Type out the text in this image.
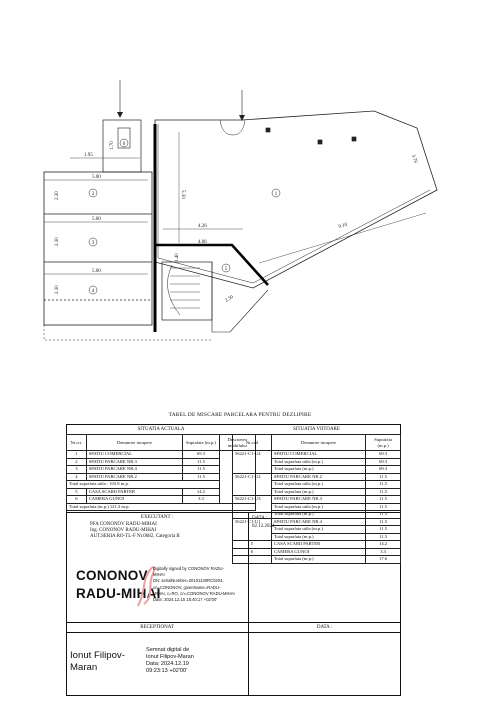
1.70
1.95
5.30
9.10
3.76
4.26
4.06
5.00
5.00
5.00
2.30
2.30
2.30
1.40
2.50
6
1
2
3
4
5
TABEL DE MISCARE PARCELARA PENTRU DEZLIPIRE
SITUATIA ACTUALA
Nr.crt.	Denumire incapere	Suprafata (m.p.)	Descrierea imobilului
1	SPATIU COMERCIAL	69.3	
2	SPATIU PARCARE NR.3	11.5	
3	SPATIU PARCARE NR.4	11.5	
4	SPATIU PARCARE NR.2	11.5	
Total suprafata utila : 103.8 m.p.			
5	CASA SCARII PARTER	14.2	
6	CAMERA GUNOI	3.3	
Total suprafata (m.p.) 121.3 m.p.			
SITUATIA VIITOARE
Nr.cad	Denumire incapere	Suprafata (m.p.)
56221-C1-U4	SPATIU COMERCIAL	69.3
	Total suprafata utila (m.p.)	69.3
	Total suprafata (m.p.)	69.3
56221-C1-U2	SPATIU PARCARE NR.2	11.5
	Total suprafata utila (m.p.)	11.5
	Total suprafata (m.p.)	11.5
56221-C1-U3	SPATIU PARCARE NR.3	11.5
	Total suprafata utila (m.p.)	11.5
	Total suprafata (m.p.)	11.5
56221-C1-U1	SPATIU PARCARE NR.4	11.5
	Total suprafata utila (m.p.)	11.5
	Total suprafata (m.p.)	11.5
5	CASA SCARII PARTER	14.2
6	CAMERA GUNOI	3.3
	Total suprafata (m.p.)	17.6
EXECUTANT :
PFA CONONOV RADU-MIHAI
Ing. CONONOV RADU-MIHAI
AUT.SERIA RO-TL-F Nr.0682, Categoria B
CONONOV
RADU-MIHAI
Digitally signed by CONONOV RADU-
MIHAI
DN: serialNumber=20101130RC0204,
cn=CONONOV, givenName=RADU-
MIHAI, c=RO, cn=CONONOV RADU-MIHAI
Date: 2024.12.15 15:40:17 +02'00'
DATA :
02.12.2024
RECEPTIONAT
Ionut Filipov-
Maran
Semnat digital de
Ionut Filipov-Maran
Data: 2024.12.19
09:23:13 +02'00'
DATA :
